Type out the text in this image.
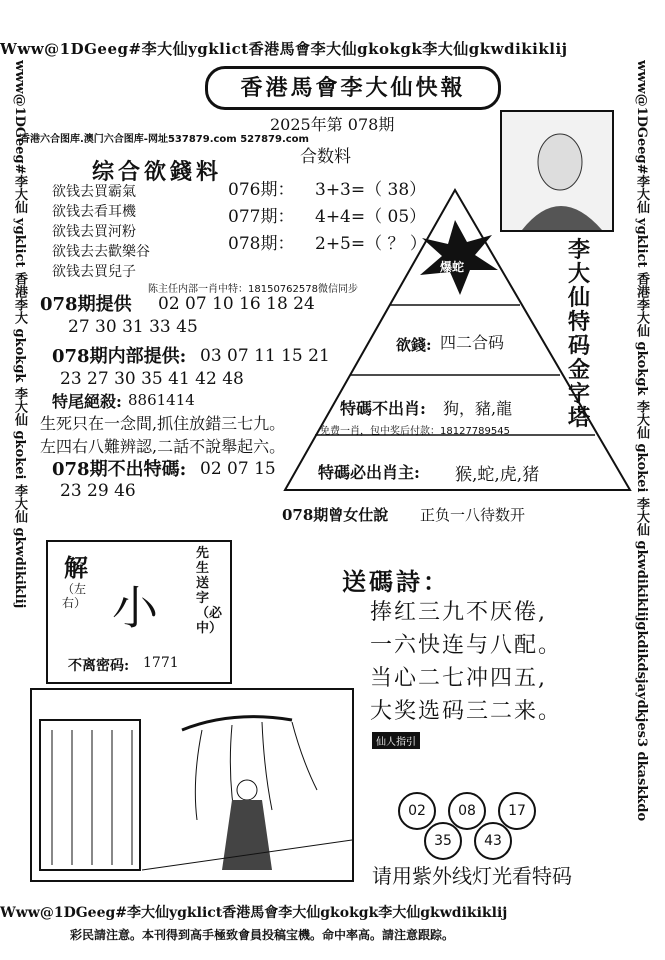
Www@1DGeeg#李大仙ygklict香港馬會李大仙gkokgk李大仙gkwdikiklij
www@1DGeeg#李大仙 ygklict 香港李大 gkokgk 李大仙 gkokei 李大仙 gkwdikiklij	www@1DGeeg#李大仙 ygklict 香港李大仙 gkokgk 李大仙 gkokei 李大仙 gkwdikiklijgkdikdsjaydkjes3 dkaskkdo
香港馬會李大仙快報
香港六合图库.澳门六合图库-网址537879.com 527879.com
2025年第 078期
合数料
076期： 3+3=（ 38）
077期： 4+4=（ 05）
078期： 2+5=（ ？ ）
综合欲錢料
欲钱去買霸氣
欲钱去看耳機
欲钱去買河粉
欲钱去去歡樂谷
欲钱去買兒子
陈主任内部一肖中特：18150762578微信同步
爆蛇
李大仙特码金字塔
欲錢: 四二合码
特碼不出肖: 狗，豬,龍
免费一肖，包中奖后付款：18127789545
特碼必出肖主: 猴,蛇,虎,猪
078期提供 02 07 10 16 18 24
27 30 31 33 45
078期内部提供: 03 07 11 15 21
23 27 30 35 41 42 48
特尾絕殺: 8861414
生死只在一念間,抓住放錯三七九。
左四右八難辨認,二話不說舉起六。
078期不出特碼: 02 07 15
23 29 46
078期曾女仕說 正负一八待数开
解
（左右） 小
先生送字（必中）
不离密码: 1771
送碼詩：
捧红三九不厌倦,
一六快连与八配。
当心二七冲四五,
大奖选码三二来。
仙人指引
02	08	17
35	43
请用紫外线灯光看特码
Www@1DGeeg#李大仙ygklict香港馬會李大仙gkokgk李大仙gkwdikiklij
彩民請注意。本刊得到高手極致會員投稿宝機。命中率高。請注意跟踪。
